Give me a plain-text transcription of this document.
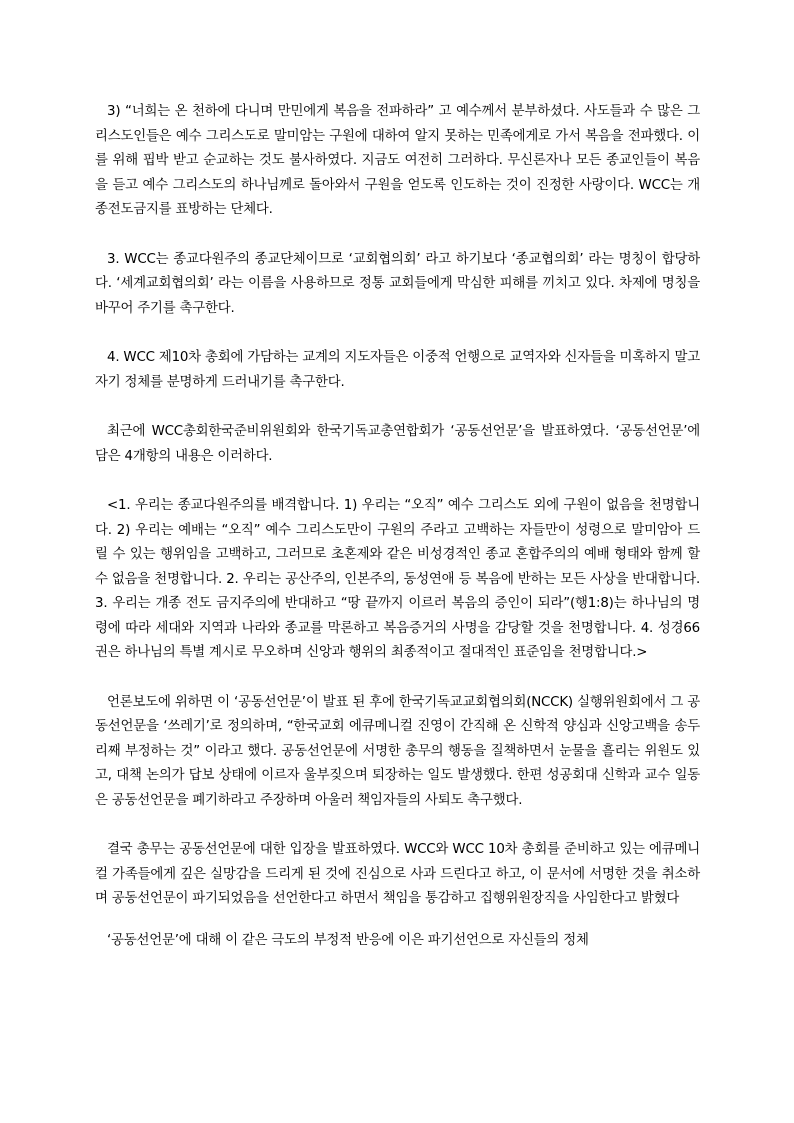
3) “너희는 온 천하에 다니며 만민에게 복음을 전파하라” 고 예수께서 분부하셨다. 사도들과 수 많은 그리스도인들은 예수 그리스도로 말미암는 구원에 대하여 알지 못하는 민족에게로 가서 복음을 전파했다. 이를 위해 핍박 받고 순교하는 것도 불사하였다. 지금도 여전히 그러하다. 무신론자나 모든 종교인들이 복음을 듣고 예수 그리스도의 하나님께로 돌아와서 구원을 얻도록 인도하는 것이 진정한 사랑이다. WCC는 개종전도금지를 표방하는 단체다.

3. WCC는 종교다원주의 종교단체이므로 ‘교회협의회’ 라고 하기보다 ‘종교협의회’ 라는 명칭이 합당하다. ‘세계교회협의회’ 라는 이름을 사용하므로 정통 교회들에게 막심한 피해를 끼치고 있다. 차제에 명칭을 바꾸어 주기를 촉구한다.

4. WCC 제10차 총회에 가담하는 교계의 지도자들은 이중적 언행으로 교역자와 신자들을 미혹하지 말고 자기 정체를 분명하게 드러내기를 촉구한다.

최근에 WCC총회한국준비위원회와 한국기독교총연합회가 ‘공동선언문’을 발표하였다. ‘공동선언문’에 담은 4개항의 내용은 이러하다.

<1. 우리는 종교다원주의를 배격합니다. 1) 우리는 “오직” 예수 그리스도 외에 구원이 없음을 천명합니다. 2) 우리는 예배는 “오직” 예수 그리스도만이 구원의 주라고 고백하는 자들만이 성령으로 말미암아 드릴 수 있는 행위임을 고백하고, 그러므로 초혼제와 같은 비성경적인 종교 혼합주의의 예배 형태와 함께 할 수 없음을 천명합니다. 2. 우리는 공산주의, 인본주의, 동성연애 등 복음에 반하는 모든 사상을 반대합니다. 3. 우리는 개종 전도 금지주의에 반대하고 “땅 끝까지 이르러 복음의 증인이 되라”(행1:8)는 하나님의 명령에 따라 세대와 지역과 나라와 종교를 막론하고 복음증거의 사명을 감당할 것을 천명합니다. 4. 성경66권은 하나님의 특별 계시로 무오하며 신앙과 행위의 최종적이고 절대적인 표준임을 천명합니다.>

언론보도에 위하면 이 ‘공동선언문’이 발표 된 후에 한국기독교교회협의회(NCCK) 실행위원회에서 그 공동선언문을 ‘쓰레기’로 정의하며, “한국교회 에큐메니컬 진영이 간직해 온 신학적 양심과 신앙고백을 송두리째 부정하는 것” 이라고 했다. 공동선언문에 서명한 총무의 행동을 질책하면서 눈물을 흘리는 위원도 있고, 대책 논의가 답보 상태에 이르자 울부짖으며 퇴장하는 일도 발생했다. 한편 성공회대 신학과 교수 일동은 공동선언문을 폐기하라고 주장하며 아울러 책임자들의 사퇴도 촉구했다.

결국 총무는 공동선언문에 대한 입장을 발표하였다. WCC와 WCC 10차 총회를 준비하고 있는 에큐메니컬 가족들에게 깊은 실망감을 드리게 된 것에 진심으로 사과 드린다고 하고, 이 문서에 서명한 것을 취소하며 공동선언문이 파기되었음을 선언한다고 하면서 책임을 통감하고 집행위원장직을 사임한다고 밝혔다

‘공동선언문’에 대해 이 같은 극도의 부정적 반응에 이은 파기선언으로 자신들의 정체
